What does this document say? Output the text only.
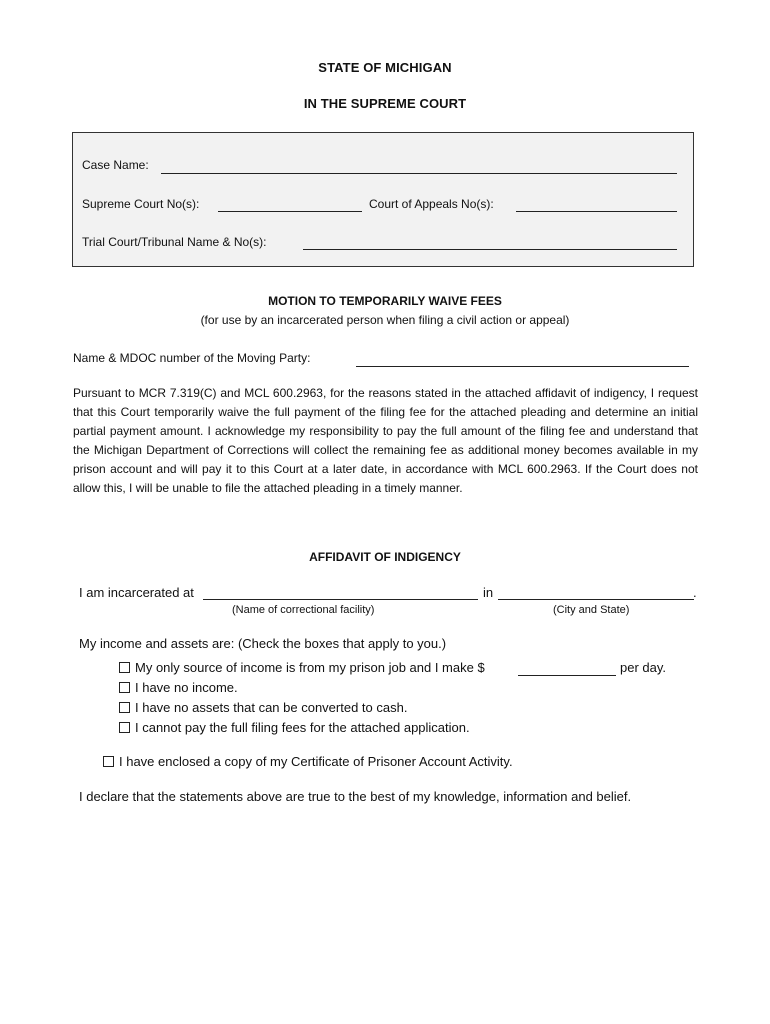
STATE OF MICHIGAN
IN THE SUPREME COURT
Case Name:
Supreme Court No(s):	Court of Appeals No(s):
Trial Court/Tribunal Name & No(s):
MOTION TO TEMPORARILY WAIVE FEES
(for use by an incarcerated person when filing a civil action or appeal)
Name & MDOC number of the Moving Party:
Pursuant to MCR 7.319(C) and MCL 600.2963, for the reasons stated in the attached affidavit of indigency, I request that this Court temporarily waive the full payment of the filing fee for the attached pleading and determine an initial partial payment amount. I acknowledge my responsibility to pay the full amount of the filing fee and understand that the Michigan Department of Corrections will collect the remaining fee as additional money becomes available in my prison account and will pay it to this Court at a later date, in accordance with MCL 600.2963. If the Court does not allow this, I will be unable to file the attached pleading in a timely manner.
AFFIDAVIT OF INDIGENCY
I am incarcerated at	in	.
(Name of correctional facility)	(City and State)
My income and assets are: (Check the boxes that apply to you.)
My only source of income is from my prison job and I make $	per day.
I have no income.
I have no assets that can be converted to cash.
I cannot pay the full filing fees for the attached application.
I have enclosed a copy of my Certificate of Prisoner Account Activity.
I declare that the statements above are true to the best of my knowledge, information and belief.
